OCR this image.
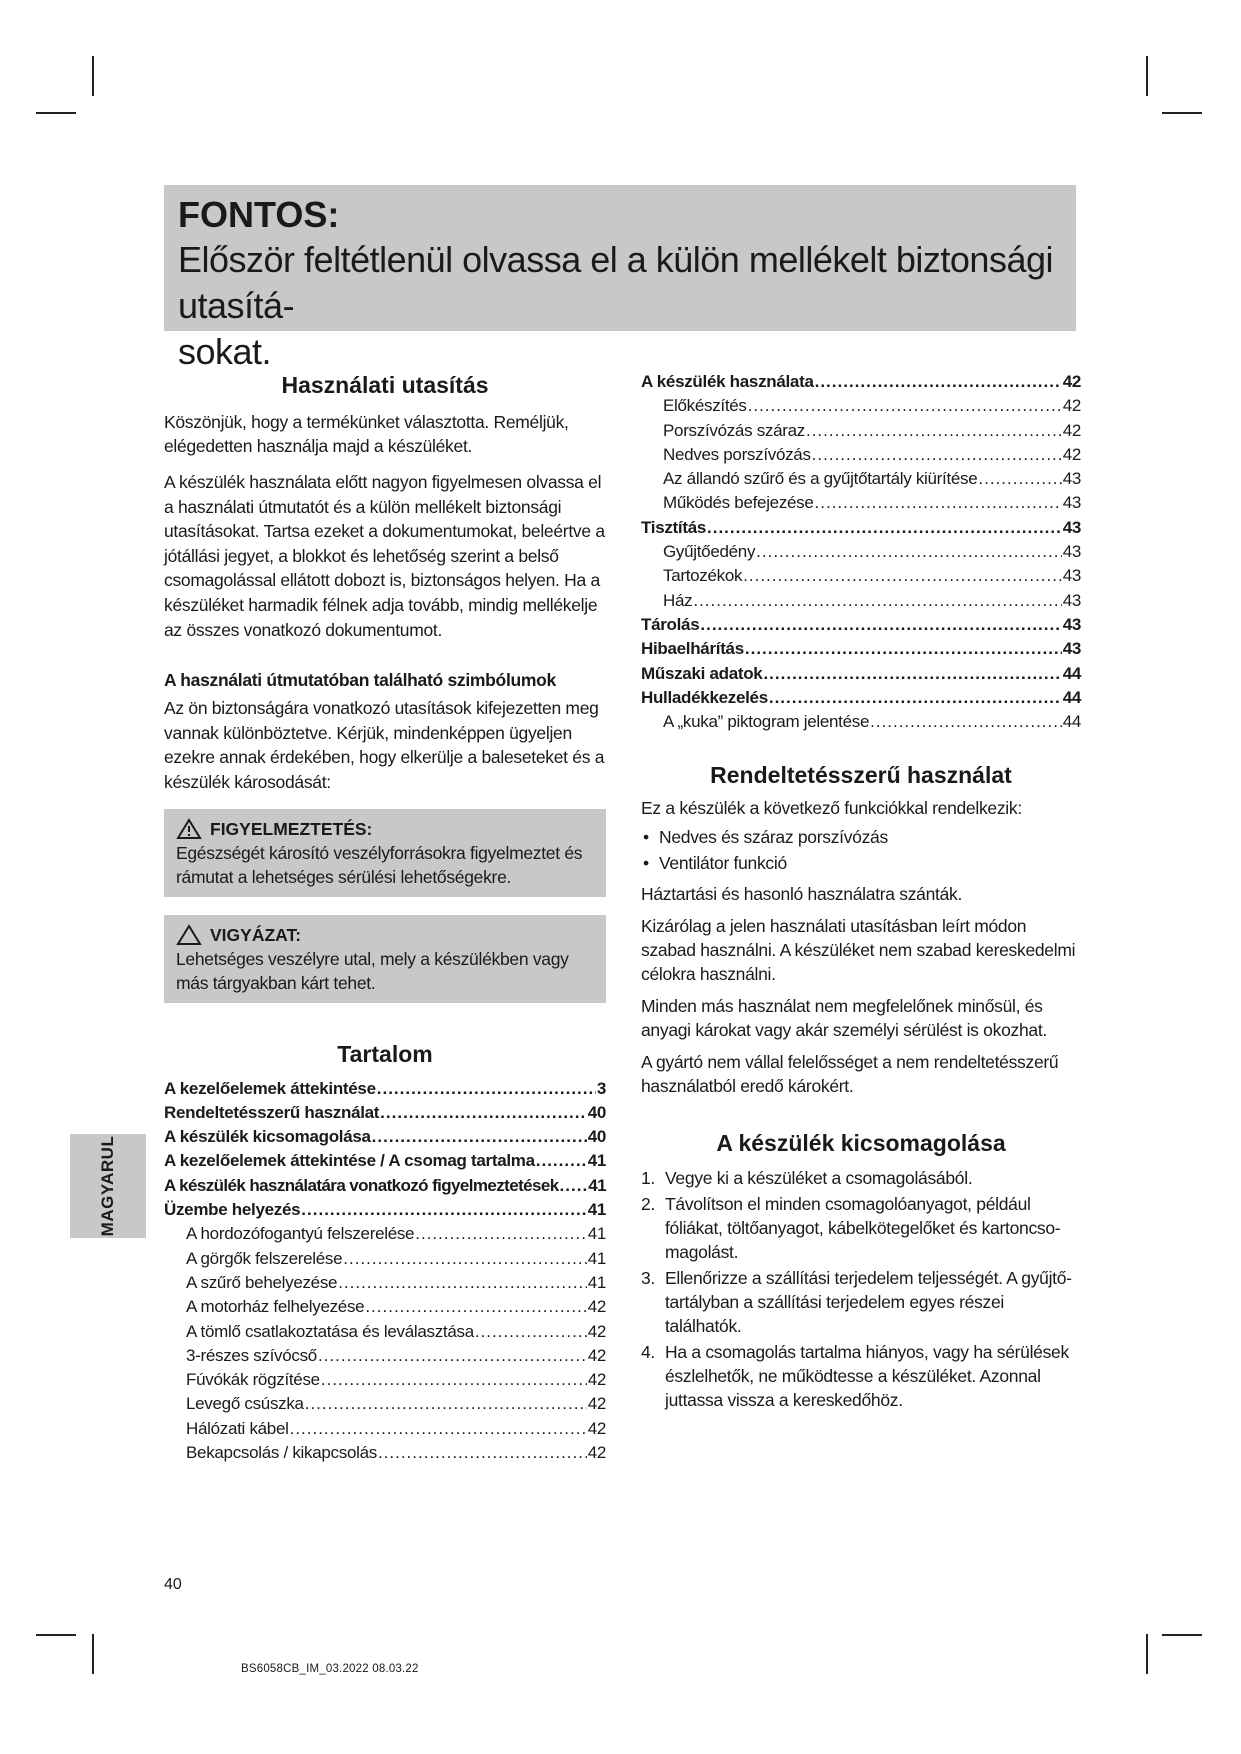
FONTOS:
Először feltétlenül olvassa el a külön mellékelt biztonsági utasítá-
sokat.
Használati utasítás

Köszönjük, hogy a termékünket választotta. Reméljük, elégedetten használja majd a készüléket.

A készülék használata előtt nagyon figyelmesen olvassa el a használati útmutatót és a külön mellékelt biztonsági utasításokat. Tartsa ezeket a dokumentumokat, beleértve a jótállási jegyet, a blokkot és lehetőség szerint a belső csomagolással ellátott dobozt is, biztonságos helyen. Ha a készüléket harmadik félnek adja tovább, mindig mellékelje az összes vonatkozó dokumentumot.

A használati útmutatóban található szimbólumok

Az ön biztonságára vonatkozó utasítások kifejezetten meg vannak különböztetve. Kérjük, mindenképpen ügyeljen ezekre annak érdekében, hogy elkerülje a baleseteket és a készülék károsodását:

FIGYELMEZTETÉS:
Egészségét károsító veszélyforrásokra figyelmeztet és rámutat a lehetséges sérülési lehetőségekre.
VIGYÁZAT:
Lehetséges veszélyre utal, mely a készülékben vagy más tárgyakban kárt tehet.
Tartalom
A kezelőelemek áttekintése .....	3
Rendeltetésszerű használat .....	40
A készülék kicsomagolása .....	40
A kezelőelemek áttekintése / A csomag tartalma .....	41
A készülék használatára vonatkozó figyelmeztetések ..... 41
Üzembe helyezés .....	41
A hordozófogantyú felszerelése .....	41
A görgők felszerelése .....	41
A szűrő behelyezése .....	41
A motorház felhelyezése .....	42
A tömlő csatlakoztatása és leválasztása .....	42
3-részes szívócső .....	42
Fúvókák rögzítése .....	42
Levegő csúszka .....	42
Hálózati kábel .....	42
Bekapcsolás / kikapcsolás .....	42
A készülék használata .....	42
Előkészítés .....	42
Porszívózás száraz .....	42
Nedves porszívózás .....	42
Az állandó szűrő és a gyűjtőtartály kiürítése .....	43
Működés befejezése .....	43
Tisztítás .....	43
Gyűjtőedény .....	43
Tartozékok .....	43
Ház .....	43
Tárolás .....	43
Hibaelhárítás .....	43
Műszaki adatok .....	44
Hulladékkezelés .....	44
A „kuka” piktogram jelentése .....	44
Rendeltetésszerű használat

Ez a készülék a következő funkciókkal rendelkezik:

• Nedves és száraz porszívózás
• Ventilátor funkció

Háztartási és hasonló használatra szánták.

Kizárólag a jelen használati utasításban leírt módon szabad használni. A készüléket nem szabad kereskedelmi célokra használni.

Minden más használat nem megfelelőnek minősül, és anyagi károkat vagy akár személyi sérülést is okozhat.

A gyártó nem vállal felelősséget a nem rendeltetésszerű használatból eredő károkért.

A készülék kicsomagolása
1. Vegye ki a készüléket a csomagolásából.
2. Távolítson el minden csomagolóanyagot, például fóliákat, töltőanyagot, kábelkötegelőket és kartoncso-magolást.
3. Ellenőrizze a szállítási terjedelem teljességét. A gyűjtő-tartályban a szállítási terjedelem egyes részei találhatók.
4. Ha a csomagolás tartalma hiányos, vagy ha sérülések észlelhetők, ne működtesse a készüléket. Azonnal juttassa vissza a kereskedőhöz.
MAGYARUL
40
BS6058CB_IM_03.2022 08.03.22
